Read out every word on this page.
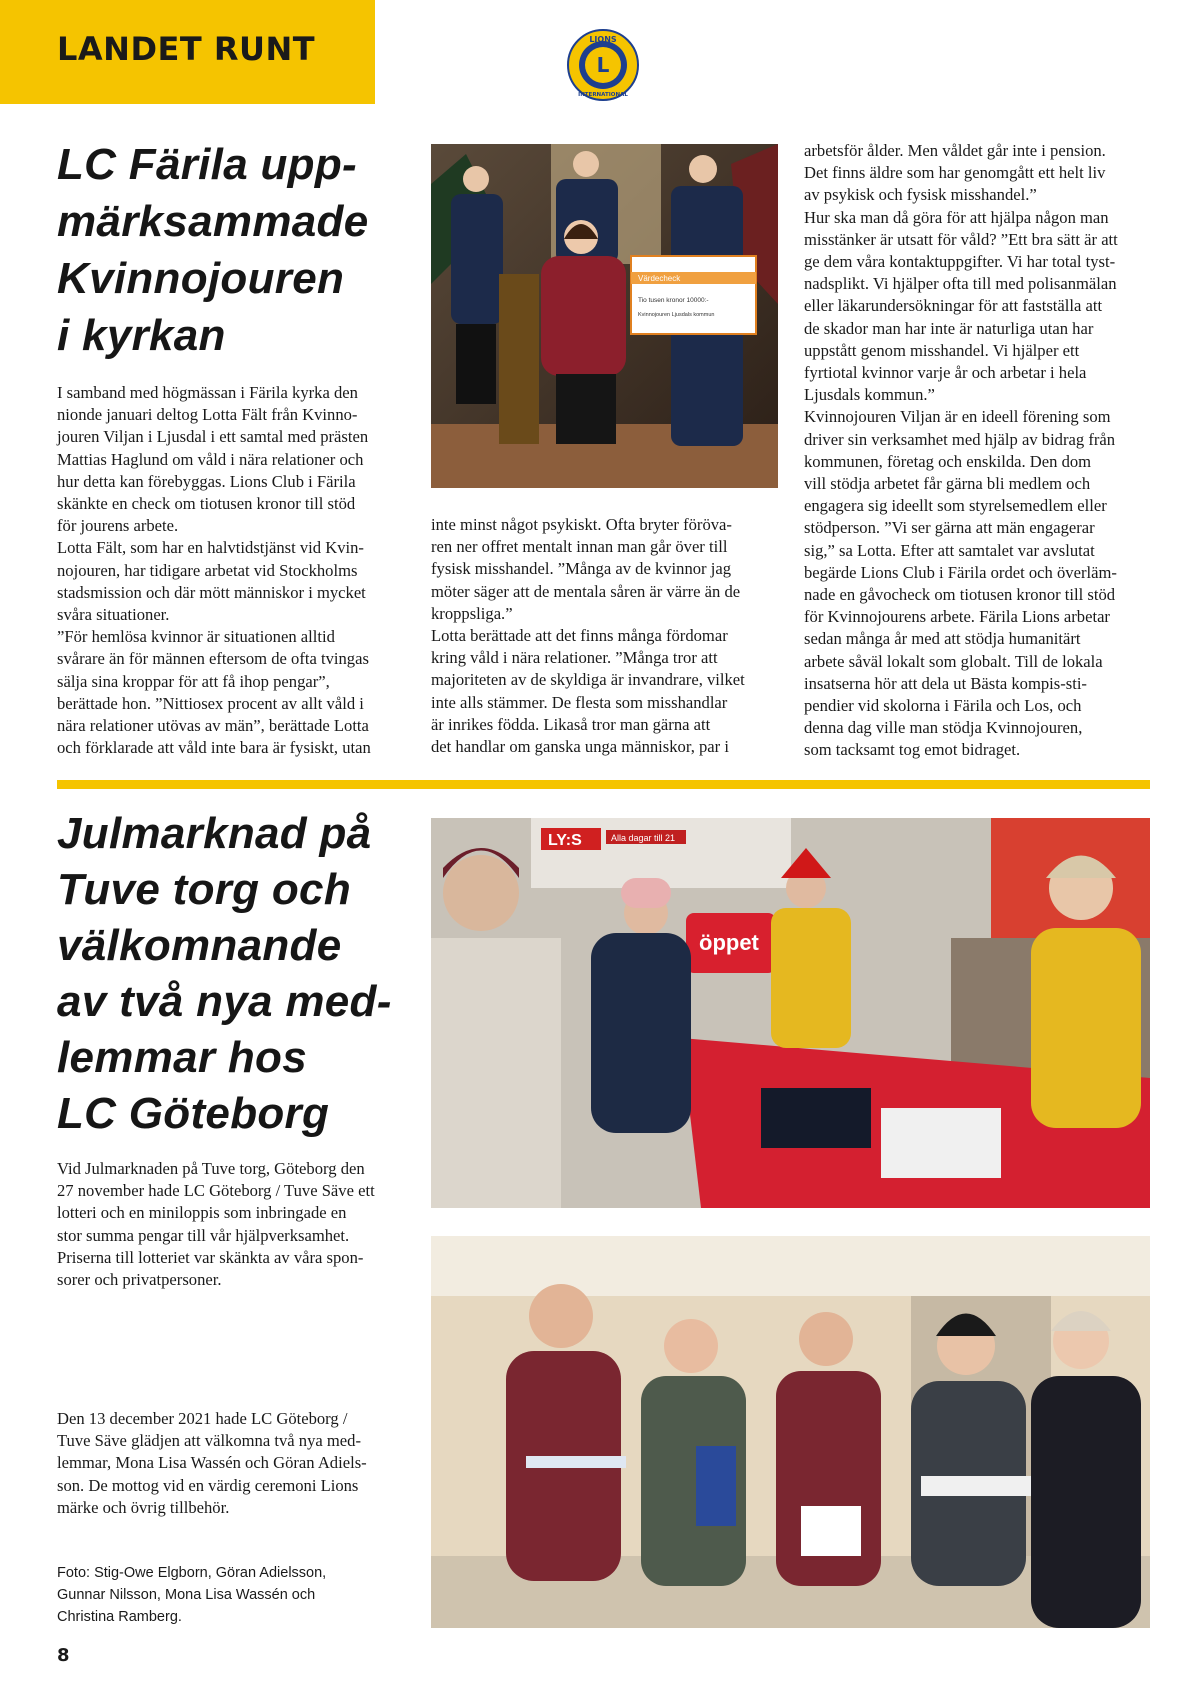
LANDET RUNT	L
LIONS
INTERNATIONAL
LC Färila upp-
märksammade
Kvinnojouren
i kyrkan

I samband med högmässan i Färila kyrka den

nionde januari deltog Lotta Fält från Kvinno-

jouren Viljan i Ljusdal i ett samtal med prästen

Mattias Haglund om våld i nära relationer och

hur detta kan förebyggas. Lions Club i Färila

skänkte en check om tiotusen kronor till stöd

för jourens arbete.

Lotta Fält, som har en halvtidstjänst vid Kvin-

nojouren, har tidigare arbetat vid Stockholms

stadsmission och där mött människor i mycket

svåra situationer.

”För hemlösa kvinnor är situationen alltid

svårare än för männen eftersom de ofta tvingas

sälja sina kroppar för att få ihop pengar”,

berättade hon. ”Nittiosex procent av allt våld i

nära relationer utövas av män”, berättade Lotta

och förklarade att våld inte bara är fysiskt, utan

Värdecheck
Tio tusen kronor 10000:-
Kvinnojouren Ljusdals kommun

inte minst något psykiskt. Ofta bryter föröva-

ren ner offret mentalt innan man går över till

fysisk misshandel. ”Många av de kvinnor jag

möter säger att de mentala såren är värre än de

kroppsliga.”

Lotta berättade att det finns många fördomar

kring våld i nära relationer. ”Många tror att

majoriteten av de skyldiga är invandrare, vilket

inte alls stämmer. De flesta som misshandlar

är inrikes födda. Likaså tror man gärna att

det handlar om ganska unga människor, par i

arbetsför ålder. Men våldet går inte i pension.

Det finns äldre som har genomgått ett helt liv

av psykisk och fysisk misshandel.”

Hur ska man då göra för att hjälpa någon man

misstänker är utsatt för våld? ”Ett bra sätt är att

ge dem våra kontaktuppgifter. Vi har total tyst-

nadsplikt. Vi hjälper ofta till med polisanmälan

eller läkarundersökningar för att fastställa att

de skador man har inte är naturliga utan har

uppstått genom misshandel. Vi hjälper ett

fyrtiotal kvinnor varje år och arbetar i hela

Ljusdals kommun.”

Kvinnojouren Viljan är en ideell förening som

driver sin verksamhet med hjälp av bidrag från

kommunen, företag och enskilda. Den dom

vill stödja arbetet får gärna bli medlem och

engagera sig ideellt som styrelsemedlem eller

stödperson. ”Vi ser gärna att män engagerar

sig,” sa Lotta. Efter att samtalet var avslutat

begärde Lions Club i Färila ordet och överläm-

nade en gåvocheck om tiotusen kronor till stöd

för Kvinnojourens arbete. Färila Lions arbetar

sedan många år med att stödja humanitärt

arbete såväl lokalt som globalt. Till de lokala

insatserna hör att dela ut Bästa kompis-sti-

pendier vid skolorna i Färila och Los, och

denna dag ville man stödja Kvinnojouren,

som tacksamt tog emot bidraget.

Julmarknad på
Tuve torg och
välkomnande
av två nya med-
lemmar hos
LC Göteborg

Vid Julmarknaden på Tuve torg, Göteborg den

27 november hade LC Göteborg / Tuve Säve ett

lotteri och en miniloppis som inbringade en

stor summa pengar till vår hjälpverksamhet.

Priserna till lotteriet var skänkta av våra spon-

sorer och privatpersoner.

Den 13 december 2021 hade LC Göteborg /

Tuve Säve glädjen att välkomna två nya med-

lemmar, Mona Lisa Wassén och Göran Adiels-

son. De mottog vid en värdig ceremoni Lions

märke och övrig tillbehör.

Foto: Stig-Owe Elgborn, Göran Adielsson,
Gunnar Nilsson, Mona Lisa Wassén och
Christina Ramberg.
LY:S	Alla dagar till 21
öppet
8
